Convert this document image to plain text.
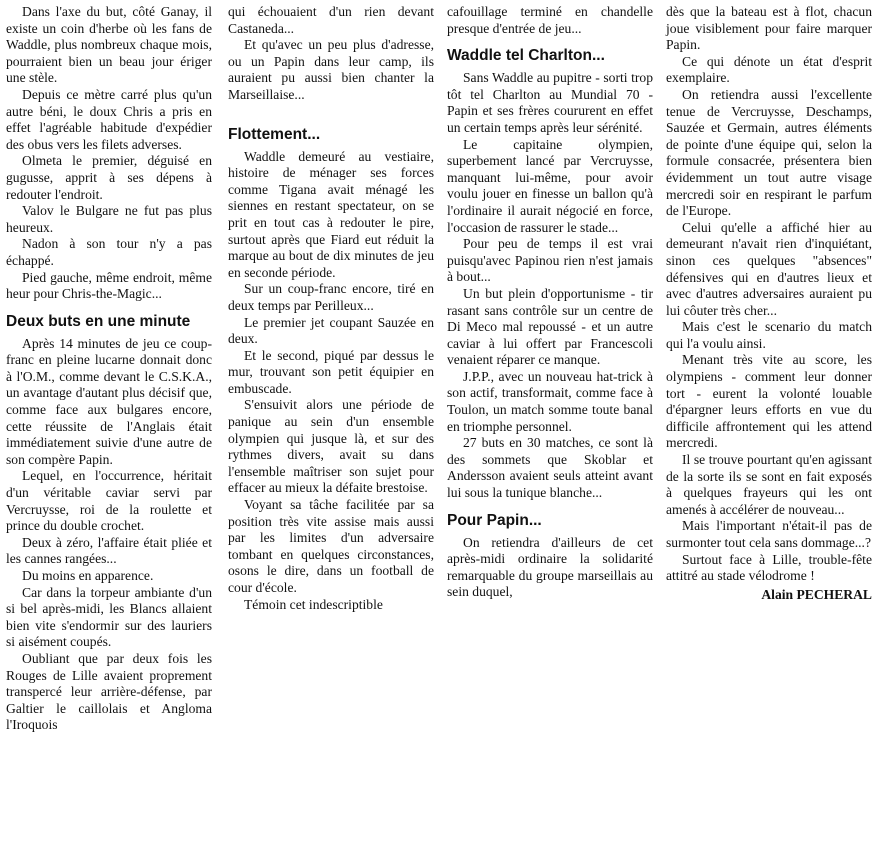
Dans l'axe du but, côté Ganay, il existe un coin d'herbe où les fans de Waddle, plus nombreux chaque mois, pourraient bien un beau jour ériger une stèle.

Depuis ce mètre carré plus qu'un autre béni, le doux Chris a pris en effet l'agréable habitude d'expédier des obus vers les filets adverses.

Olmeta le premier, déguisé en gugusse, apprit à ses dépens à redouter l'endroit.

Valov le Bulgare ne fut pas plus heureux.

Nadon à son tour n'y a pas échappé.

Pied gauche, même endroit, même heur pour Chris-the-Magic...

Deux buts en une minute

Après 14 minutes de jeu ce coup-franc en pleine lucarne donnait donc à l'O.M., comme devant le C.S.K.A., un avantage d'autant plus décisif que, comme face aux bulgares encore, cette réussite de l'Anglais était immédiatement suivie d'une autre de son compère Papin.

Lequel, en l'occurrence, héritait d'un véritable caviar servi par Vercruysse, roi de la roulette et prince du double crochet.

Deux à zéro, l'affaire était pliée et les cannes rangées...

Du moins en apparence.

Car dans la torpeur ambiante d'un si bel après-midi, les Blancs allaient bien vite s'endormir sur des lauriers si aisément coupés.

Oubliant que par deux fois les Rouges de Lille avaient proprement transpercé leur arrière-défense, par Galtier le caillolais et Angloma l'Iroquois

qui échouaient d'un rien devant Castaneda...

Et qu'avec un peu plus d'adresse, ou un Papin dans leur camp, ils auraient pu aussi bien chanter la Marseillaise...

Flottement...

Waddle demeuré au vestiaire, histoire de ménager ses forces comme Tigana avait ménagé les siennes en restant spectateur, on se prit en tout cas à redouter le pire, surtout après que Fiard eut réduit la marque au bout de dix minutes de jeu en seconde période.

Sur un coup-franc encore, tiré en deux temps par Perilleux...

Le premier jet coupant Sauzée en deux.

Et le second, piqué par dessus le mur, trouvant son petit équipier en embuscade.

S'ensuivit alors une période de panique au sein d'un ensemble olympien qui jusque là, et sur des rythmes divers, avait su dans l'ensemble maîtriser son sujet pour effacer au mieux la défaite brestoise.

Voyant sa tâche facilitée par sa position très vite assise mais aussi par les limites d'un adversaire tombant en quelques circonstances, osons le dire, dans un football de cour d'école.

Témoin cet indescriptible

cafouillage terminé en chandelle presque d'entrée de jeu...

Waddle tel Charlton...

Sans Waddle au pupitre - sorti trop tôt tel Charlton au Mundial 70 - Papin et ses frères coururent en effet un certain temps après leur sérénité.

Le capitaine olympien, superbement lancé par Vercruysse, manquant lui-même, pour avoir voulu jouer en finesse un ballon qu'à l'ordinaire il aurait négocié en force, l'occasion de rassurer le stade...

Pour peu de temps il est vrai puisqu'avec Papinou rien n'est jamais à bout...

Un but plein d'opportunisme - tir rasant sans contrôle sur un centre de Di Meco mal repoussé - et un autre caviar à lui offert par Francescoli venaient réparer ce manque.

J.P.P., avec un nouveau hat-trick à son actif, transformait, comme face à Toulon, un match somme toute banal en triomphe personnel.

27 buts en 30 matches, ce sont là des sommets que Skoblar et Andersson avaient seuls atteint avant lui sous la tunique blanche...

Pour Papin...

On retiendra d'ailleurs de cet après-midi ordinaire la solidarité remarquable du groupe marseillais au sein duquel,

dès que la bateau est à flot, chacun joue visiblement pour faire marquer Papin.

Ce qui dénote un état d'esprit exemplaire.

On retiendra aussi l'excellente tenue de Vercruysse, Deschamps, Sauzée et Germain, autres éléments de pointe d'une équipe qui, selon la formule consacrée, présentera bien évidemment un tout autre visage mercredi soir en respirant le parfum de l'Europe.

Celui qu'elle a affiché hier au demeurant n'avait rien d'inquiétant, sinon ces quelques "absences" défensives qui en d'autres lieux et avec d'autres adversaires auraient pu lui côuter très cher...

Mais c'est le scenario du match qui l'a voulu ainsi.

Menant très vite au score, les olympiens - comment leur donner tort - eurent la volonté louable d'épargner leurs efforts en vue du difficile affrontement qui les attend mercredi.

Il se trouve pourtant qu'en agissant de la sorte ils se sont en fait exposés à quelques frayeurs qui les ont amenés à accélérer de nouveau...

Mais l'important n'était-il pas de surmonter tout cela sans dommage...?

Surtout face à Lille, trouble-fête attitré au stade vélodrome !

Alain PECHERAL
